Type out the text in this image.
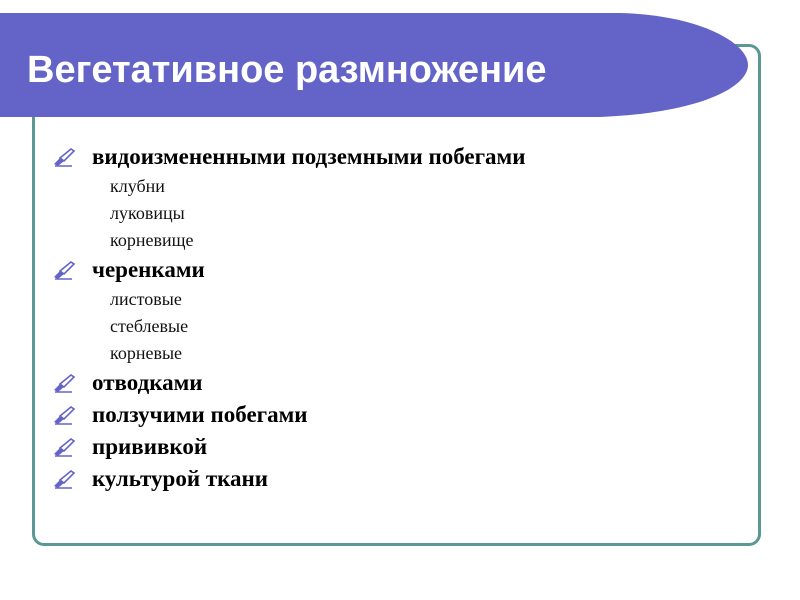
Вегетативное размножение
видоизмененными подземными побегами
клубни
луковицы
корневище
черенками
листовые
стеблевые
корневые
отводками
ползучими побегами
прививкой
культурой ткани
